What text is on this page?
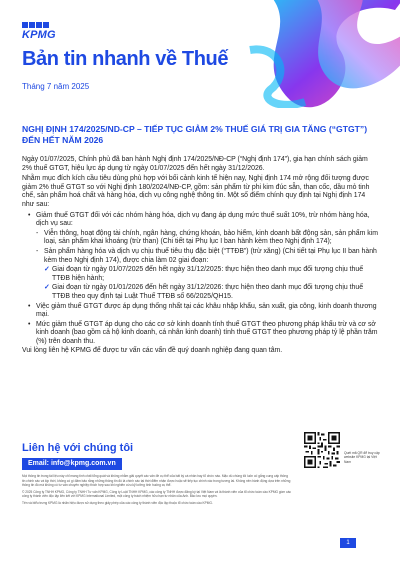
KPMG
Bản tin nhanh về Thuế
Tháng 7 năm 2025
NGHỊ ĐỊNH 174/2025/ND-CP – TIẾP TỤC GIẢM 2% THUẾ GIÁ TRỊ GIA TĂNG (“GTGT”) ĐẾN HẾT NĂM 2026

Ngày 01/07/2025, Chính phủ đã ban hành Nghị định 174/2025/NĐ-CP (“Nghị định 174”), gia hạn chính sách giảm 2% thuế GTGT, hiệu lực áp dụng từ ngày 01/07/2025 đến hết ngày 31/12/2026.

Nhằm mục đích kích cầu tiêu dùng phù hợp với bối cảnh kinh tế hiện nay, Nghị định 174 mở rộng đối tượng được giảm 2% thuế GTGT so với Nghị định 180/2024/NĐ-CP, gồm: sản phẩm từ phi kim đúc sẵn, than cốc, dầu mỏ tinh chế, sản phẩm hoá chất và hàng hóa, dịch vụ công nghệ thông tin. Một số điểm chính quy định tại Nghị định 174 như sau:

• Giảm thuế GTGT đối với các nhóm hàng hóa, dịch vụ đang áp dụng mức thuế suất 10%, trừ nhóm hàng hóa, dịch vụ sau:
- Viễn thông, hoạt động tài chính, ngân hàng, chứng khoán, bảo hiểm, kinh doanh bất động sản, sản phẩm kim loại, sản phẩm khai khoáng (trừ than) (Chi tiết tại Phụ lục I ban hành kèm theo Nghị định 174);
- Sản phẩm hàng hóa và dịch vụ chịu thuế tiêu thụ đặc biệt (“TTĐB”) (trừ xăng) (Chi tiết tại Phụ lục II ban hành kèm theo Nghị định 174), được chia làm 02 giai đoạn:
✓ Giai đoạn từ ngày 01/07/2025 đến hết ngày 31/12/2025: thực hiện theo danh mục đối tượng chịu thuế TTĐB hiện hành;
✓ Giai đoạn từ ngày 01/01/2026 đến hết ngày 31/12/2026: thực hiện theo danh mục đối tượng chịu thuế TTĐB theo quy định tại Luật Thuế TTĐB số 66/2025/QH15.
• Việc giảm thuế GTGT được áp dụng thống nhất tại các khâu nhập khẩu, sản xuất, gia công, kinh doanh thương mại.
• Mức giảm thuế GTGT áp dụng cho các cơ sở kinh doanh tính thuế GTGT theo phương pháp khấu trừ và cơ sở kinh doanh (bao gồm cả hộ kinh doanh, cá nhân kinh doanh) tính thuế GTGT theo phương pháp tỷ lệ phần trăm (%) trên doanh thu.

Vui lòng liên hệ KPMG để được tư vấn các vấn đề quý doanh nghiệp đang quan tâm.

Liên hệ với chúng tôi
Email: info@kpmg.com.vn

Mọi thông tin trong tài liệu này chỉ mang tính chất tổng quát và không nhằm giải quyết các vấn đề cụ thể của bất kỳ cá nhân hay tổ chức nào. Mặc dù chúng tôi luôn cố gắng cung cấp thông tin chính xác và kịp thời, không có gì đảm bảo rằng những thông tin đó là chính xác tại thời điểm nhận được hoặc sẽ tiếp tục chính xác trong tương lai. Không nên hành động dựa trên những thông tin đó mà không có tư vấn chuyên nghiệp thích hợp sau khi nghiên cứu kỹ lưỡng tình huống cụ thể.

© 2025 Công ty TNHH KPMG, Công ty TNHH Tư vấn KPMG, Công ty Luật TNHH KPMG, các công ty TNHH được đăng ký tại Việt Nam và là thành viên của tổ chức toàn cầu KPMG gồm các công ty thành viên độc lập liên kết với KPMG International Limited, một công ty trách nhiệm hữu hạn tư nhân của Anh. Bảo lưu mọi quyền.

Tên và biểu trưng KPMG là nhãn hiệu được sử dụng theo giấy phép của các công ty thành viên độc lập thuộc tổ chức toàn cầu KPMG.

Quét mã QR để truy cập website KPMG tại Việt Nam
1
